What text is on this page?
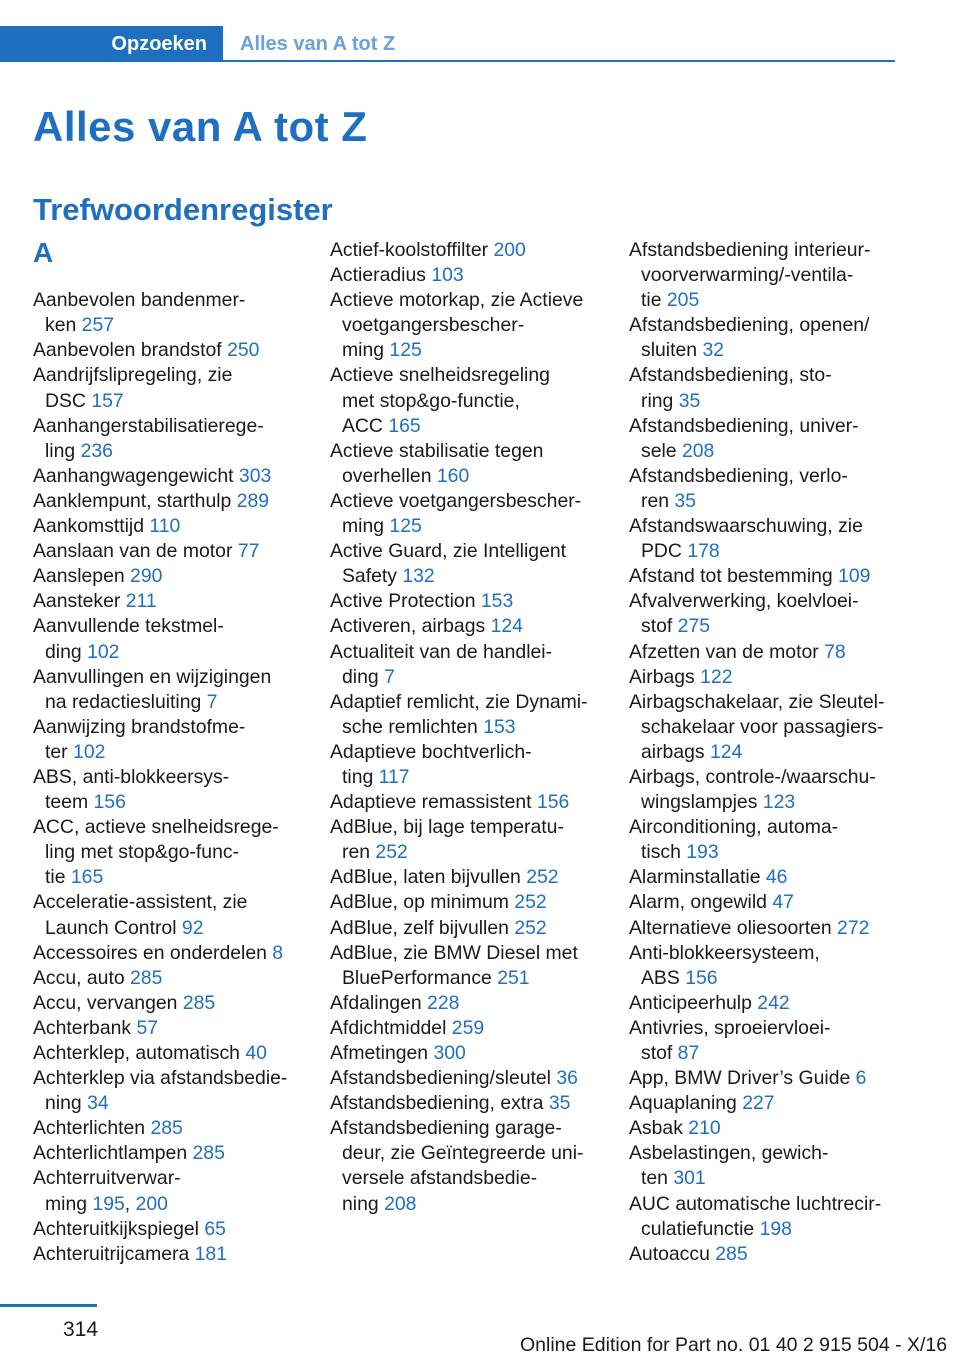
Opzoeken	Alles van A tot Z
Alles van A tot Z
Trefwoordenregister
A
Aanbevolen bandenmer-
ken 257
Aanbevolen brandstof 250
Aandrijfslipregeling, zie
DSC 157
Aanhangerstabilisatierege-
ling 236
Aanhangwagengewicht 303
Aanklempunt, starthulp 289
Aankomsttijd 110
Aanslaan van de motor 77
Aanslepen 290
Aansteker 211
Aanvullende tekstmel-
ding 102
Aanvullingen en wijzigingen
na redactiesluiting 7
Aanwijzing brandstofme-
ter 102
ABS, anti-blokkeersys-
teem 156
ACC, actieve snelheidsrege-
ling met stop&go-func-
tie 165
Acceleratie-assistent, zie
Launch Control 92
Accessoires en onderdelen 8
Accu, auto 285
Accu, vervangen 285
Achterbank 57
Achterklep, automatisch 40
Achterklep via afstandsbedie-
ning 34
Achterlichten 285
Achterlichtlampen 285
Achterruitverwar-
ming 195, 200
Achteruitkijkspiegel 65
Achteruitrijcamera 181
Actief-koolstoffilter 200
Actieradius 103
Actieve motorkap, zie Actieve
voetgangersbescher-
ming 125
Actieve snelheidsregeling
met stop&go-functie,
ACC 165
Actieve stabilisatie tegen
overhellen 160
Actieve voetgangersbescher-
ming 125
Active Guard, zie Intelligent
Safety 132
Active Protection 153
Activeren, airbags 124
Actualiteit van de handlei-
ding 7
Adaptief remlicht, zie Dynami-
sche remlichten 153
Adaptieve bochtverlich-
ting 117
Adaptieve remassistent 156
AdBlue, bij lage temperatu-
ren 252
AdBlue, laten bijvullen 252
AdBlue, op minimum 252
AdBlue, zelf bijvullen 252
AdBlue, zie BMW Diesel met
BluePerformance 251
Afdalingen 228
Afdichtmiddel 259
Afmetingen 300
Afstandsbediening/sleutel 36
Afstandsbediening, extra 35
Afstandsbediening garage-
deur, zie Geïntegreerde uni-
versele afstandsbedie-
ning 208
Afstandsbediening interieur-
voorverwarming/-ventila-
tie 205
Afstandsbediening, openen/
sluiten 32
Afstandsbediening, sto-
ring 35
Afstandsbediening, univer-
sele 208
Afstandsbediening, verlo-
ren 35
Afstandswaarschuwing, zie
PDC 178
Afstand tot bestemming 109
Afvalverwerking, koelvloei-
stof 275
Afzetten van de motor 78
Airbags 122
Airbagschakelaar, zie Sleutel-
schakelaar voor passagiers-
airbags 124
Airbags, controle-/waarschu-
wingslampjes 123
Airconditioning, automa-
tisch 193
Alarminstallatie 46
Alarm, ongewild 47
Alternatieve oliesoorten 272
Anti-blokkeersysteem,
ABS 156
Anticipeerhulp 242
Antivries, sproeiervloei-
stof 87
App, BMW Driver’s Guide 6
Aquaplaning 227
Asbak 210
Asbelastingen, gewich-
ten 301
AUC automatische luchtrecir-
culatiefunctie 198
Autoaccu 285
314
Online Edition for Part no. 01 40 2 915 504 - X/16
